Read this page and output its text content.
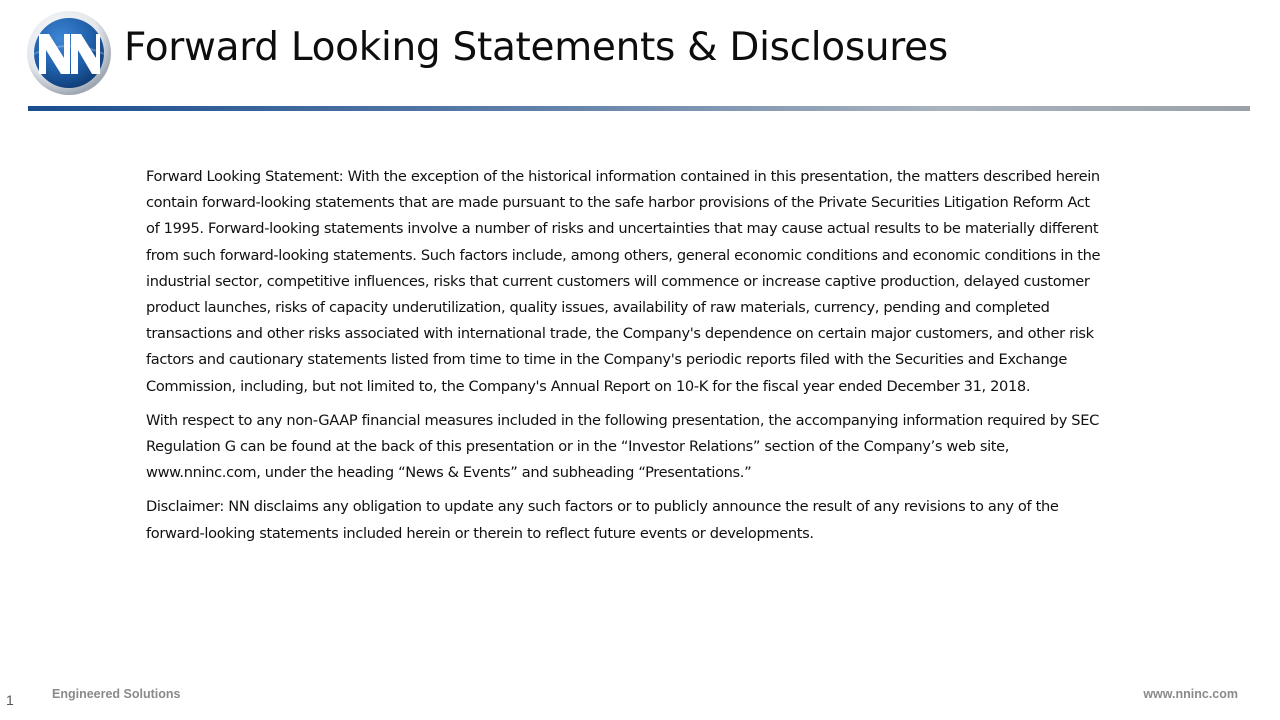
Forward Looking Statements & Disclosures

Forward Looking Statement: With the exception of the historical information contained in this presentation, the matters described herein contain forward-looking statements that are made pursuant to the safe harbor provisions of the Private Securities Litigation Reform Act of 1995. Forward-looking statements involve a number of risks and uncertainties that may cause actual results to be materially different from such forward-looking statements. Such factors include, among others, general economic conditions and economic conditions in the industrial sector, competitive influences, risks that current customers will commence or increase captive production, delayed customer product launches, risks of capacity underutilization, quality issues, availability of raw materials, currency, pending and completed transactions and other risks associated with international trade, the Company's dependence on certain major customers, and other risk factors and cautionary statements listed from time to time in the Company's periodic reports filed with the Securities and Exchange Commission, including, but not limited to, the Company's Annual Report on 10-K for the fiscal year ended December 31, 2018.

With respect to any non-GAAP financial measures included in the following presentation, the accompanying information required by SEC Regulation G can be found at the back of this presentation or in the “Investor Relations” section of the Company’s web site, www.nninc.com, under the heading “News & Events” and subheading “Presentations.”

Disclaimer: NN disclaims any obligation to update any such factors or to publicly announce the result of any revisions to any of the forward-looking statements included herein or therein to reflect future events or developments.

1	Engineered Solutions	www.nninc.com
